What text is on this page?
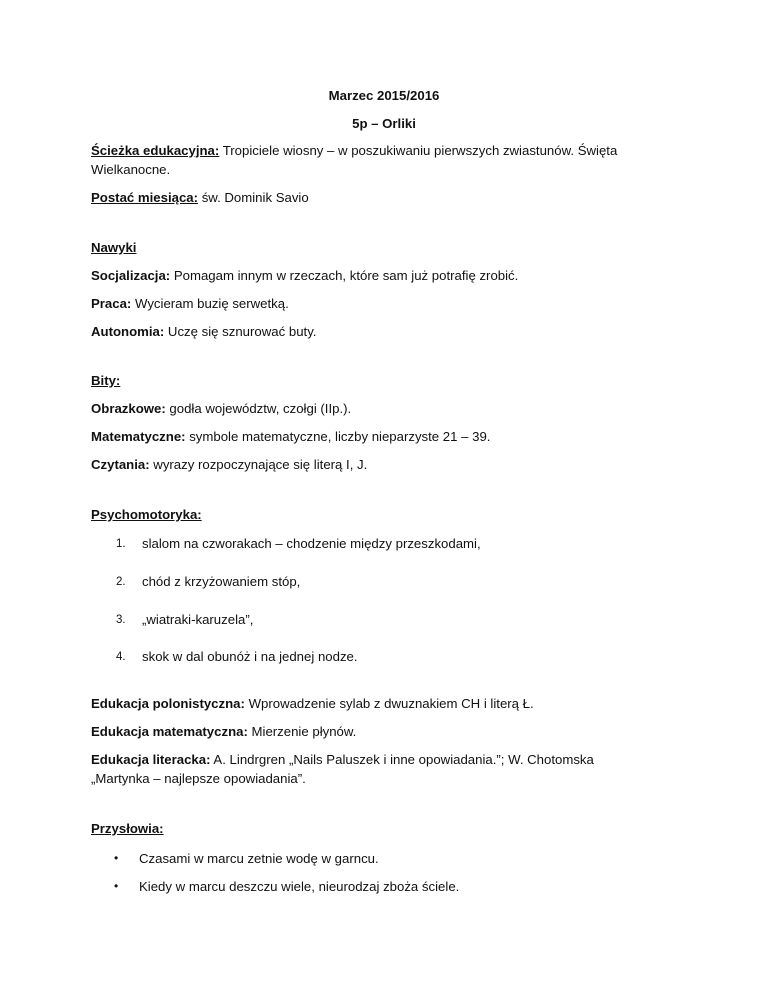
Marzec 2015/2016
5p – Orliki
Ścieżka edukacyjna: Tropiciele wiosny – w poszukiwaniu pierwszych zwiastunów. Święta
Wielkanocne.
Postać miesiąca: św. Dominik Savio
Nawyki
Socjalizacja: Pomagam innym w rzeczach, które sam już potrafię zrobić.
Praca: Wycieram buzię serwetką.
Autonomia: Uczę się sznurować buty.
Bity:
Obrazkowe: godła województw, czołgi (IIp.).
Matematyczne: symbole matematyczne, liczby nieparzyste 21 – 39.
Czytania: wyrazy rozpoczynające się literą I, J.
Psychomotoryka:
1. slalom na czworakach – chodzenie między przeszkodami,
2. chód z krzyżowaniem stóp,
3. „wiatraki-karuzela”,
4. skok w dal obunóż i na jednej nodze.
Edukacja polonistyczna: Wprowadzenie sylab z dwuznakiem CH i literą Ł.
Edukacja matematyczna: Mierzenie płynów.
Edukacja literacka: A. Lindrgren „Nails Paluszek i inne opowiadania.”; W. Chotomska
„Martynka – najlepsze opowiadania”.
Przysłowia:
• Czasami w marcu zetnie wodę w garncu.
• Kiedy w marcu deszczu wiele, nieurodzaj zboża ściele.
